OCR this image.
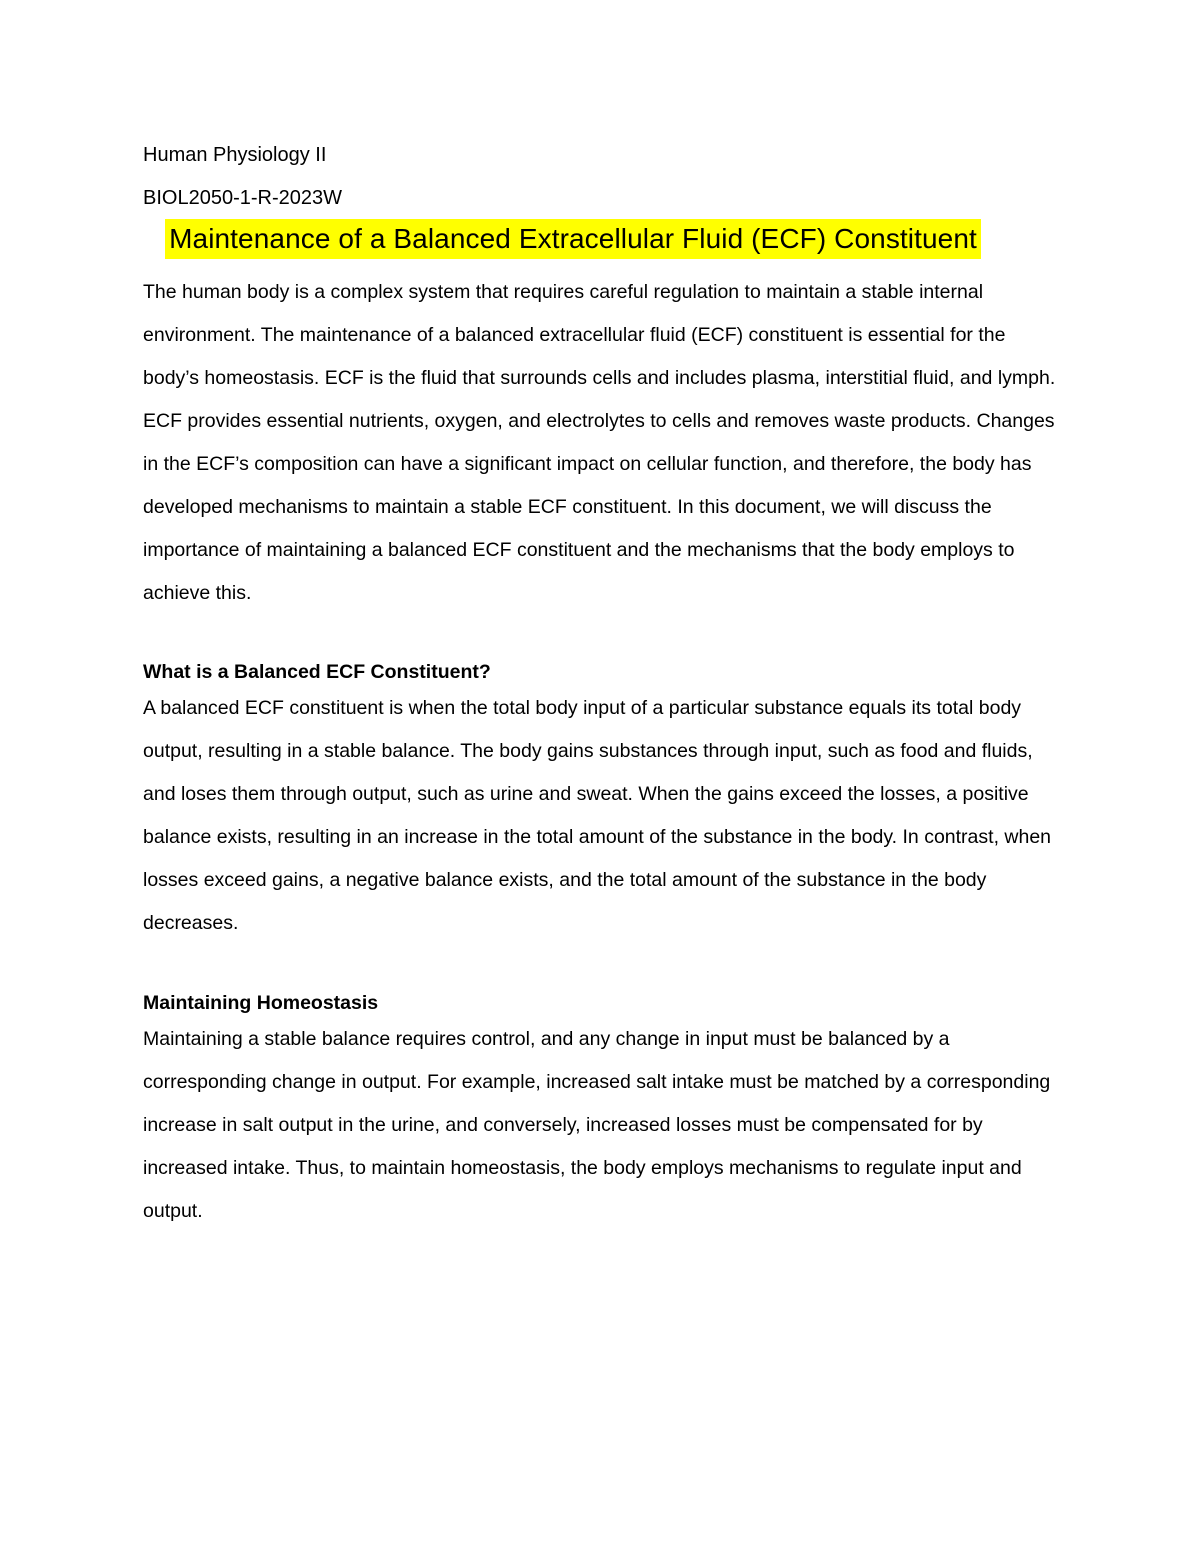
Human Physiology II
BIOL2050-1-R-2023W
Maintenance of a Balanced Extracellular Fluid (ECF) Constituent

The human body is a complex system that requires careful regulation to maintain a stable internal environment. The maintenance of a balanced extracellular fluid (ECF) constituent is essential for the body’s homeostasis. ECF is the fluid that surrounds cells and includes plasma, interstitial fluid, and lymph. ECF provides essential nutrients, oxygen, and electrolytes to cells and removes waste products. Changes in the ECF’s composition can have a significant impact on cellular function, and therefore, the body has developed mechanisms to maintain a stable ECF constituent. In this document, we will discuss the importance of maintaining a balanced ECF constituent and the mechanisms that the body employs to achieve this.

What is a Balanced ECF Constituent?

A balanced ECF constituent is when the total body input of a particular substance equals its total body output, resulting in a stable balance. The body gains substances through input, such as food and fluids, and loses them through output, such as urine and sweat. When the gains exceed the losses, a positive balance exists, resulting in an increase in the total amount of the substance in the body. In contrast, when losses exceed gains, a negative balance exists, and the total amount of the substance in the body decreases.

Maintaining Homeostasis

Maintaining a stable balance requires control, and any change in input must be balanced by a corresponding change in output. For example, increased salt intake must be matched by a corresponding increase in salt output in the urine, and conversely, increased losses must be compensated for by increased intake. Thus, to maintain homeostasis, the body employs mechanisms to regulate input and output.
